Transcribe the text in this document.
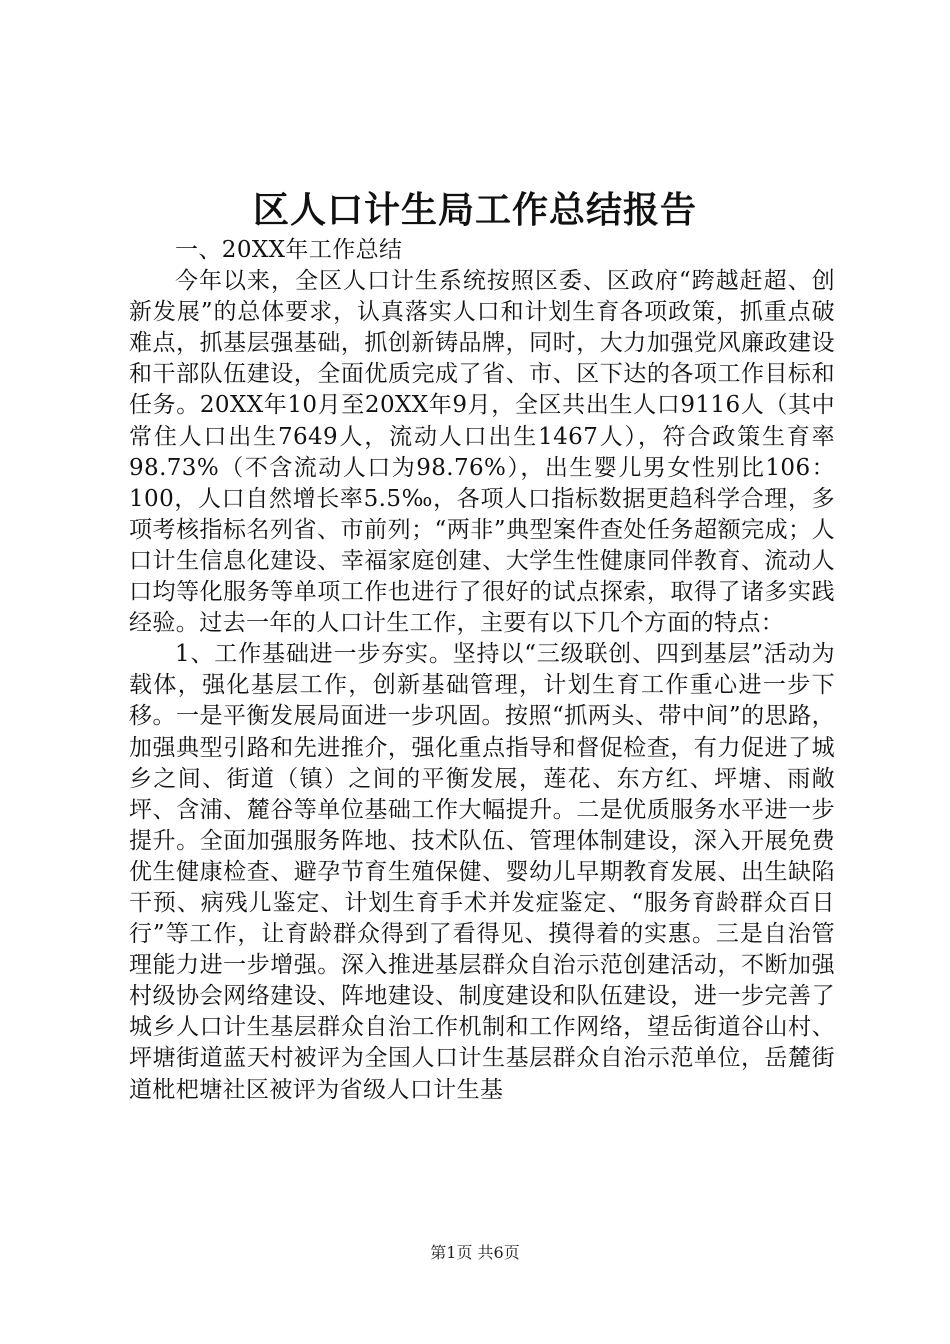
区人口计生局工作总结报告

一、20XX年工作总结

今年以来，全区人口计生系统按照区委、区政府“跨越赶超、创新发展”的总体要求，认真落实人口和计划生育各项政策，抓重点破难点，抓基层强基础，抓创新铸品牌，同时，大力加强党风廉政建设和干部队伍建设，全面优质完成了省、市、区下达的各项工作目标和任务。20XX年10月至20XX年9月，全区共出生人口9116人（其中常住人口出生7649人，流动人口出生1467人），符合政策生育率98.73%（不含流动人口为98.76%），出生婴儿男女性别比106：100，人口自然增长率5.5‰，各项人口指标数据更趋科学合理，多项考核指标名列省、市前列；“两非”典型案件查处任务超额完成；人口计生信息化建设、幸福家庭创建、大学生性健康同伴教育、流动人口均等化服务等单项工作也进行了很好的试点探索，取得了诸多实践经验。过去一年的人口计生工作，主要有以下几个方面的特点：

1、工作基础进一步夯实。坚持以“三级联创、四到基层”活动为载体，强化基层工作，创新基础管理，计划生育工作重心进一步下移。一是平衡发展局面进一步巩固。按照“抓两头、带中间”的思路，加强典型引路和先进推介，强化重点指导和督促检查，有力促进了城乡之间、街道（镇）之间的平衡发展，莲花、东方红、坪塘、雨敞坪、含浦、麓谷等单位基础工作大幅提升。二是优质服务水平进一步提升。全面加强服务阵地、技术队伍、管理体制建设，深入开展免费优生健康检查、避孕节育生殖保健、婴幼儿早期教育发展、出生缺陷干预、病残儿鉴定、计划生育手术并发症鉴定、“服务育龄群众百日行”等工作，让育龄群众得到了看得见、摸得着的实惠。三是自治管理能力进一步增强。深入推进基层群众自治示范创建活动，不断加强村级协会网络建设、阵地建设、制度建设和队伍建设，进一步完善了城乡人口计生基层群众自治工作机制和工作网络，望岳街道谷山村、坪塘街道蓝天村被评为全国人口计生基层群众自治示范单位，岳麓街道枇杷塘社区被评为省级人口计生基

第1页 共6页
